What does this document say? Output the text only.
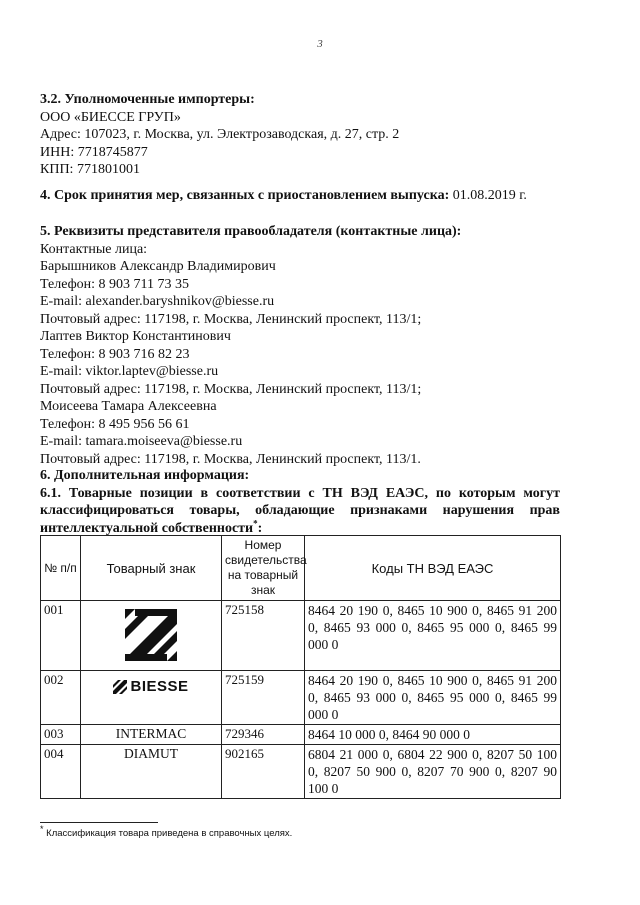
3
3.2. Уполномоченные импортеры:
ООО «БИЕССЕ ГРУП»
Адрес: 107023, г. Москва, ул. Электрозаводская, д. 27, стр. 2
ИНН: 7718745877
КПП: 771801001
4. Срок принятия мер, связанных с приостановлением выпуска: 01.08.2019 г.
5. Реквизиты представителя правообладателя (контактные лица):
Контактные лица:
Барышников Александр Владимирович
Телефон: 8 903 711 73 35
E-mail: alexander.baryshnikov@biesse.ru
Почтовый адрес: 117198, г. Москва, Ленинский проспект, 113/1;
Лаптев Виктор Константинович
Телефон: 8 903 716 82 23
E-mail: viktor.laptev@biesse.ru
Почтовый адрес: 117198, г. Москва, Ленинский проспект, 113/1;
Моисеева Тамара Алексеевна
Телефон: 8 495 956 56 61
E-mail: tamara.moiseeva@biesse.ru
Почтовый адрес: 117198, г. Москва, Ленинский проспект, 113/1.
6. Дополнительная информация:
6.1. Товарные позиции в соответствии с ТН ВЭД ЕАЭС, по которым могут классифицироваться товары, обладающие признаками нарушения прав интеллектуальной собственности*:
№ п/п	Товарный знак	Номер свидетельства на товарный знак	Коды ТН ВЭД ЕАЭС
001		725158	8464 20 190 0, 8465 10 900 0, 8465 91 200 0, 8465 93 000 0, 8465 95 000 0, 8465 99 000 0
002	BIESSE	725159	8464 20 190 0, 8465 10 900 0, 8465 91 200 0, 8465 93 000 0, 8465 95 000 0, 8465 99 000 0
003	INTERMAC	729346	8464 10 000 0, 8464 90 000 0
004	DIAMUT	902165	6804 21 000 0, 6804 22 900 0, 8207 50 100 0, 8207 50 900 0, 8207 70 900 0, 8207 90 100 0
* Классификация товара приведена в справочных целях.
